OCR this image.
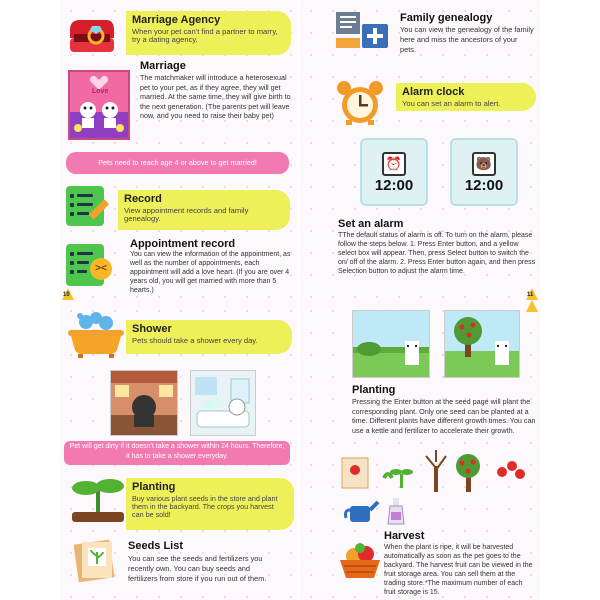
Marriage Agency
When your pet can't find a partner to marry, try a dating agency.
Love
Marriage
The matchmaker will introduce a heterosexual pet to your pet, as if they agree, they will get married. At the same time, they will give birth to the next generation. (The parents pet will leave now, and you need to raise their baby pet)
Pets need to reach age 4 or above to get married!
Record
View appointment records and family genealogy.
><
Appointment record
You can view the information of the appointment, as well as the number of appointments, each appointment will add a love heart. (If you are over 4 years old, you will get married with more than 5 hearts.)
10
Family genealogy
You can view the genealogy of the family here and miss the ancestors of your pets.
Alarm clock
You can set an alarm to alert.
⏰
12:00
🐻
12:00
Set an alarm
TThe default status of alarm is off. To turn on the alarm, please follow the steps below. 1. Press Enter button, and a yellow select box will appear. Then, press Select button to switch the on/ off of the alarm. 2. Press Enter button again, and then press Selection button to adjust the alarm time.
11
Shower
Pets should take a shower every day.
Pet will get dirty if it doesn't take a shower within 24 hours. Therefore, it has to take a shower everyday.
Planting
Buy various plant seeds in the store and plant them in the backyard. The crops you harvest can be sold!
Seeds List
You can see the seeds and fertilizers you recently own. You can buy seeds and fertilizers from store if you run out of them.
Planting
Pressing the Enter button at the seed page will plant the corresponding plant. Only one seed can be planted at a time. Different plants have different growth times. You can use a kettle and fertilizer to accelerate their growth.
Harvest
When the plant is ripe, it will be harvested automatically as soon as the pet goes to the backyard. The harvest fruit can be viewed in the fruit storage area. You can sell them at the trading store.*The maximum number of each fruit storage is 15.
